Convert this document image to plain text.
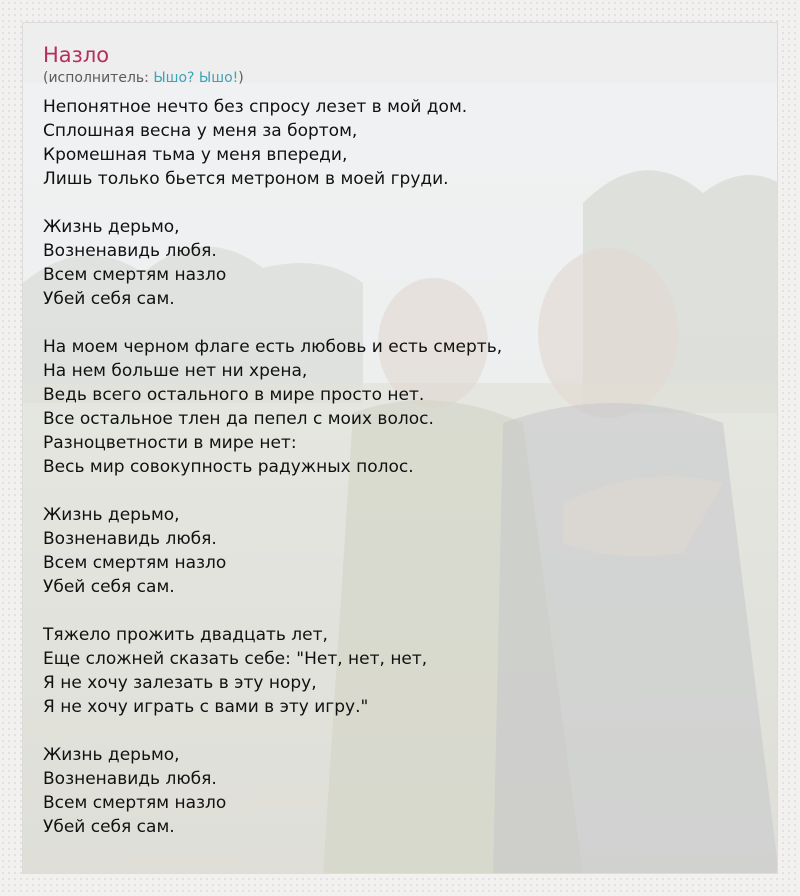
Назло
(исполнитель: Ышо? Ышо!)
Непонятное нечто без спросу лезет в мой дом.
Сплошная весна у меня за бортом,
Кромешная тьма у меня впереди,
Лишь только бьется метроном в моей груди.
Жизнь дерьмо,
Возненавидь любя.
Всем смертям назло
Убей себя сам.
На моем черном флаге есть любовь и есть смерть,
На нем больше нет ни хрена,
Ведь всего остального в мире просто нет.
Все остальное тлен да пепел с моих волос.
Разноцветности в мире нет:
Весь мир совокупность радужных полос.
Жизнь дерьмо,
Возненавидь любя.
Всем смертям назло
Убей себя сам.
Тяжело прожить двадцать лет,
Еще сложней сказать себе: "Нет, нет, нет,
Я не хочу залезать в эту нору,
Я не хочу играть с вами в эту игру."
Жизнь дерьмо,
Возненавидь любя.
Всем смертям назло
Убей себя сам.
